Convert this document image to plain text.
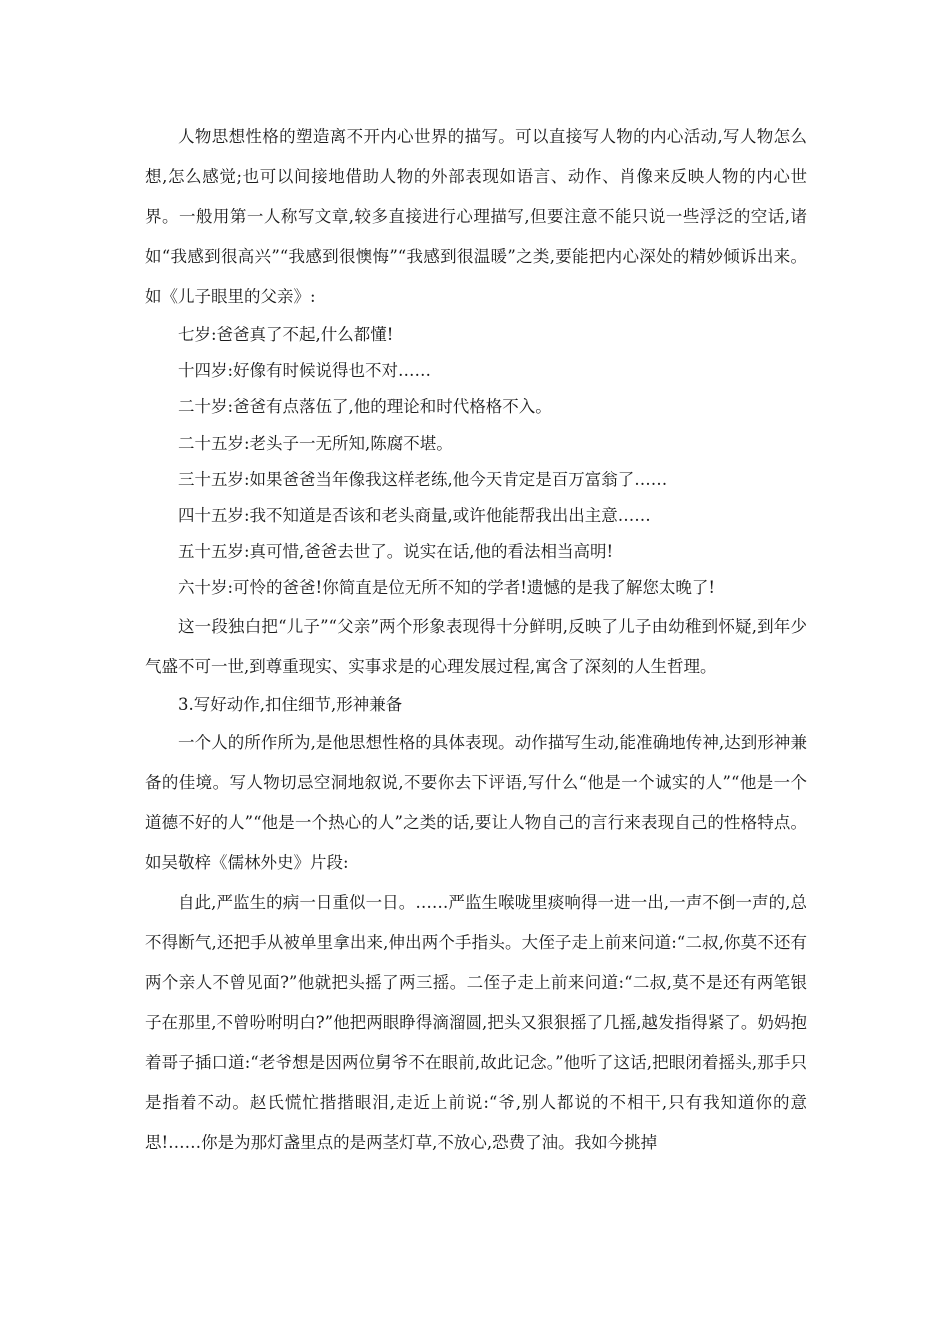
人物思想性格的塑造离不开内心世界的描写。可以直接写人物的内心活动,写人物怎么想,怎么感觉;也可以间接地借助人物的外部表现如语言、动作、肖像来反映人物的内心世界。一般用第一人称写文章,较多直接进行心理描写,但要注意不能只说一些浮泛的空话,诸如“我感到很高兴”“我感到很懊悔”“我感到很温暖”之类,要能把内心深处的精妙倾诉出来。如《儿子眼里的父亲》:

七岁:爸爸真了不起,什么都懂!

十四岁:好像有时候说得也不对……

二十岁:爸爸有点落伍了,他的理论和时代格格不入。

二十五岁:老头子一无所知,陈腐不堪。

三十五岁:如果爸爸当年像我这样老练,他今天肯定是百万富翁了……

四十五岁:我不知道是否该和老头商量,或许他能帮我出出主意……

五十五岁:真可惜,爸爸去世了。说实在话,他的看法相当高明!

六十岁:可怜的爸爸!你简直是位无所不知的学者!遗憾的是我了解您太晚了!

这一段独白把“儿子”“父亲”两个形象表现得十分鲜明,反映了儿子由幼稚到怀疑,到年少气盛不可一世,到尊重现实、实事求是的心理发展过程,寓含了深刻的人生哲理。

3.写好动作,扣住细节,形神兼备

一个人的所作所为,是他思想性格的具体表现。动作描写生动,能准确地传神,达到形神兼备的佳境。写人物切忌空洞地叙说,不要你去下评语,写什么“他是一个诚实的人”“他是一个道德不好的人”“他是一个热心的人”之类的话,要让人物自己的言行来表现自己的性格特点。如吴敬梓《儒林外史》片段:

自此,严监生的病一日重似一日。……严监生喉咙里痰响得一进一出,一声不倒一声的,总不得断气,还把手从被单里拿出来,伸出两个手指头。大侄子走上前来问道:“二叔,你莫不还有两个亲人不曾见面?”他就把头摇了两三摇。二侄子走上前来问道:“二叔,莫不是还有两笔银子在那里,不曾吩咐明白?”他把两眼睁得滴溜圆,把头又狠狠摇了几摇,越发指得紧了。奶妈抱着哥子插口道:“老爷想是因两位舅爷不在眼前,故此记念。”他听了这话,把眼闭着摇头,那手只是指着不动。赵氏慌忙揩揩眼泪,走近上前说:“爷,别人都说的不相干,只有我知道你的意思!……你是为那灯盏里点的是两茎灯草,不放心,恐费了油。我如今挑掉
